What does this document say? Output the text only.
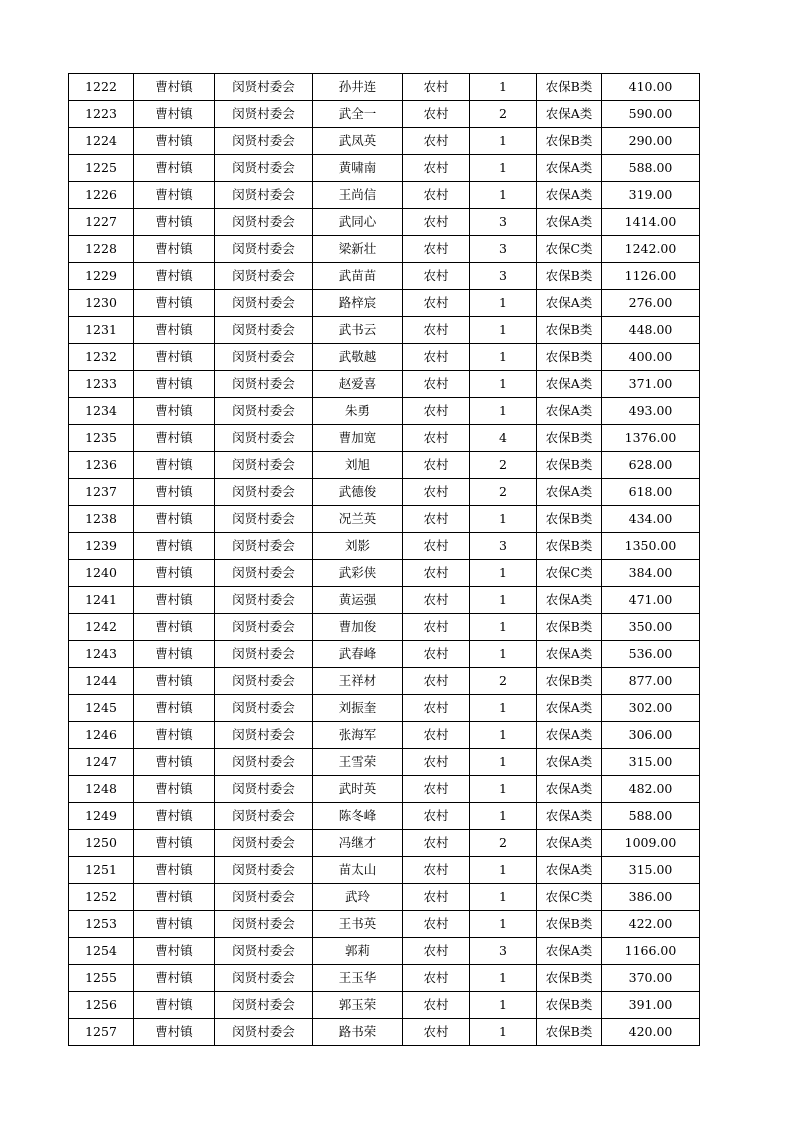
1222	曹村镇	闵贤村委会	孙井连	农村	1	农保B类	410.00
1223	曹村镇	闵贤村委会	武全一	农村	2	农保A类	590.00
1224	曹村镇	闵贤村委会	武凤英	农村	1	农保B类	290.00
1225	曹村镇	闵贤村委会	黄啸南	农村	1	农保A类	588.00
1226	曹村镇	闵贤村委会	王尚信	农村	1	农保A类	319.00
1227	曹村镇	闵贤村委会	武同心	农村	3	农保A类	1414.00
1228	曹村镇	闵贤村委会	梁新壮	农村	3	农保C类	1242.00
1229	曹村镇	闵贤村委会	武苗苗	农村	3	农保B类	1126.00
1230	曹村镇	闵贤村委会	路梓宸	农村	1	农保A类	276.00
1231	曹村镇	闵贤村委会	武书云	农村	1	农保B类	448.00
1232	曹村镇	闵贤村委会	武敬越	农村	1	农保B类	400.00
1233	曹村镇	闵贤村委会	赵爱喜	农村	1	农保A类	371.00
1234	曹村镇	闵贤村委会	朱勇	农村	1	农保A类	493.00
1235	曹村镇	闵贤村委会	曹加宽	农村	4	农保B类	1376.00
1236	曹村镇	闵贤村委会	刘旭	农村	2	农保B类	628.00
1237	曹村镇	闵贤村委会	武德俊	农村	2	农保A类	618.00
1238	曹村镇	闵贤村委会	况兰英	农村	1	农保B类	434.00
1239	曹村镇	闵贤村委会	刘影	农村	3	农保B类	1350.00
1240	曹村镇	闵贤村委会	武彩侠	农村	1	农保C类	384.00
1241	曹村镇	闵贤村委会	黄运强	农村	1	农保A类	471.00
1242	曹村镇	闵贤村委会	曹加俊	农村	1	农保B类	350.00
1243	曹村镇	闵贤村委会	武春峰	农村	1	农保A类	536.00
1244	曹村镇	闵贤村委会	王祥材	农村	2	农保B类	877.00
1245	曹村镇	闵贤村委会	刘振奎	农村	1	农保A类	302.00
1246	曹村镇	闵贤村委会	张海军	农村	1	农保A类	306.00
1247	曹村镇	闵贤村委会	王雪荣	农村	1	农保A类	315.00
1248	曹村镇	闵贤村委会	武时英	农村	1	农保A类	482.00
1249	曹村镇	闵贤村委会	陈冬峰	农村	1	农保A类	588.00
1250	曹村镇	闵贤村委会	冯继才	农村	2	农保A类	1009.00
1251	曹村镇	闵贤村委会	苗太山	农村	1	农保A类	315.00
1252	曹村镇	闵贤村委会	武玲	农村	1	农保C类	386.00
1253	曹村镇	闵贤村委会	王书英	农村	1	农保B类	422.00
1254	曹村镇	闵贤村委会	郭莉	农村	3	农保A类	1166.00
1255	曹村镇	闵贤村委会	王玉华	农村	1	农保B类	370.00
1256	曹村镇	闵贤村委会	郭玉荣	农村	1	农保B类	391.00
1257	曹村镇	闵贤村委会	路书荣	农村	1	农保B类	420.00
